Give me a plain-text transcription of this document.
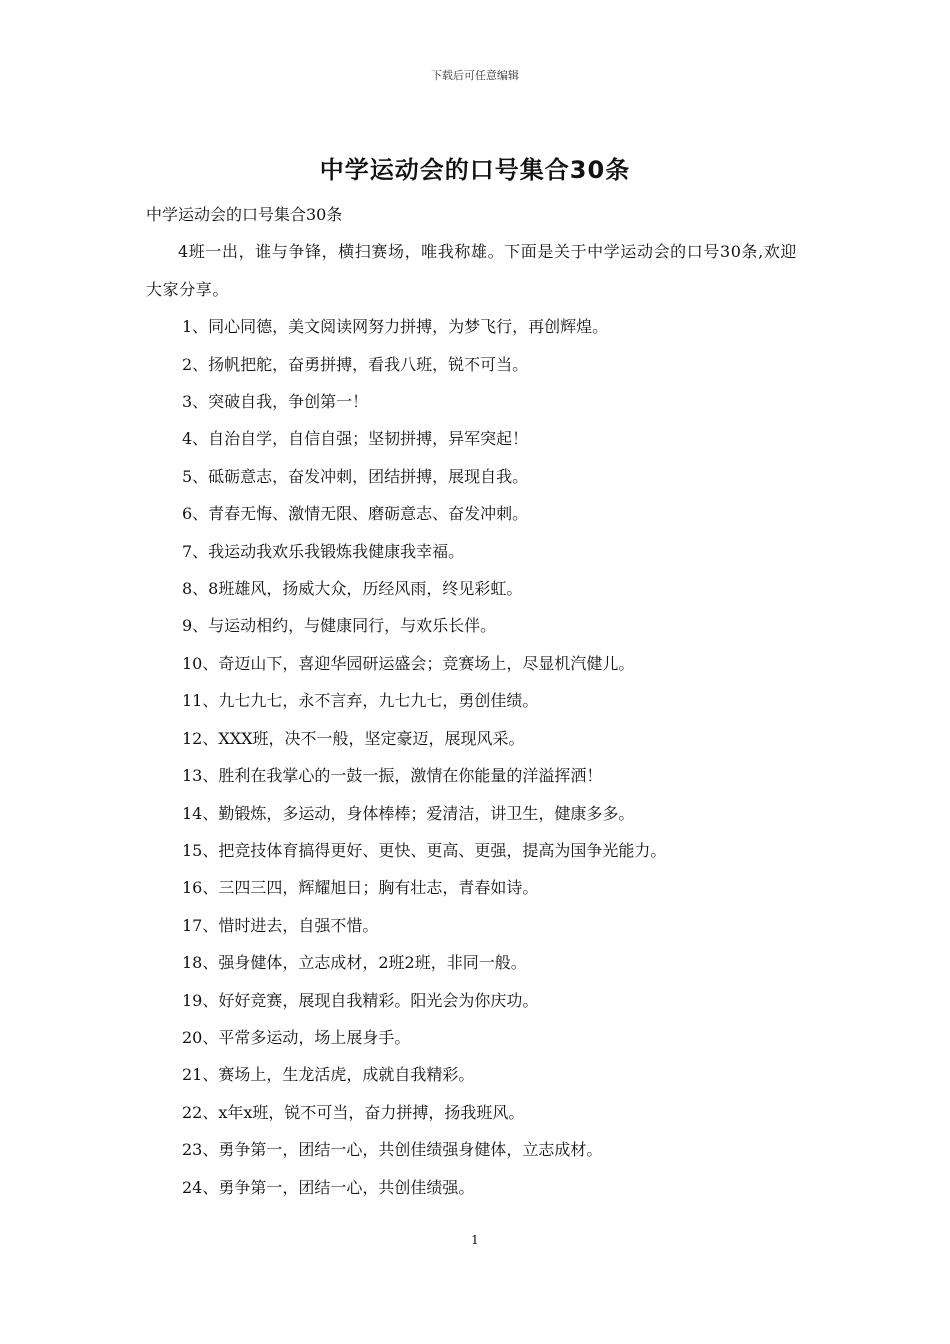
下载后可任意编辑
中学运动会的口号集合30条

中学运动会的口号集合30条

4班一出，谁与争锋，横扫赛场，唯我称雄。下面是关于中学运动会的口号30条,欢迎大家分享。

1、同心同德，美文阅读网努力拼搏，为梦飞行，再创辉煌。

2、扬帆把舵，奋勇拼搏，看我八班，锐不可当。

3、突破自我，争创第一！

4、自治自学，自信自强；坚韧拼搏，异军突起！

5、砥砺意志，奋发冲刺，团结拼搏，展现自我。

6、青春无悔、激情无限、磨砺意志、奋发冲刺。

7、我运动我欢乐我锻炼我健康我幸福。

8、8班雄风，扬威大众，历经风雨，终见彩虹。

9、与运动相约，与健康同行，与欢乐长伴。

10、奇迈山下，喜迎华园研运盛会；竞赛场上，尽显机汽健儿。

11、九七九七，永不言弃，九七九七，勇创佳绩。

12、XXX班，决不一般，坚定豪迈，展现风采。

13、胜利在我掌心的一鼓一振，激情在你能量的洋溢挥洒！

14、勤锻炼，多运动，身体棒棒；爱清洁，讲卫生，健康多多。

15、把竞技体育搞得更好、更快、更高、更强，提高为国争光能力。

16、三四三四，辉耀旭日；胸有壮志，青春如诗。

17、惜时进去，自强不惜。

18、强身健体，立志成材，2班2班，非同一般。

19、好好竞赛，展现自我精彩。阳光会为你庆功。

20、平常多运动，场上展身手。

21、赛场上，生龙活虎，成就自我精彩。

22、x年x班，锐不可当，奋力拼搏，扬我班风。

23、勇争第一，团结一心，共创佳绩强身健体，立志成材。

24、勇争第一，团结一心，共创佳绩强。

1
